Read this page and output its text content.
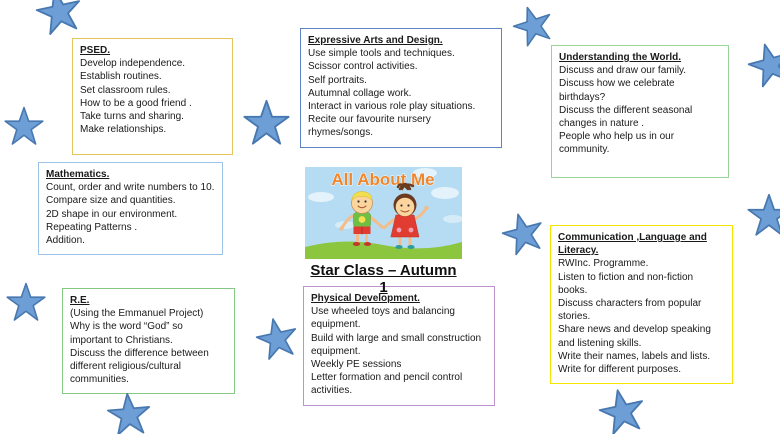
PSED.
Develop independence.
Establish routines.
Set classroom rules.
How to be a good friend .
Take turns and sharing.
Make relationships.
Expressive Arts and Design.
Use simple tools and techniques.
Scissor control activities.
Self portraits.
Autumnal collage work.
Interact in various role play situations.
Recite our favourite nursery rhymes/songs.
Understanding the World.
Discuss and draw our family.
Discuss how we celebrate birthdays?
Discuss the different seasonal changes in nature .
People who help us in our community.
Mathematics.
Count, order and write numbers to 10.
Compare size and quantities.
2D shape in our environment.
Repeating Patterns .
Addition.	Communication ,Language and Literacy.
RWInc. Programme.
Listen to fiction and non-fiction books.
Discuss characters from popular stories.
Share news and develop speaking and listening skills.
Write their names, labels and lists.
Write for different purposes.
R.E.
(Using the Emmanuel Project)
Why is the word “God” so important to Christians.
Discuss the difference between different religious/cultural communities.
Physical Development.
Use wheeled toys and balancing equipment.
Build with large and small construction equipment.
Weekly PE sessions
Letter formation and pencil control activities.
All About Me
Star Class – Autumn 1
